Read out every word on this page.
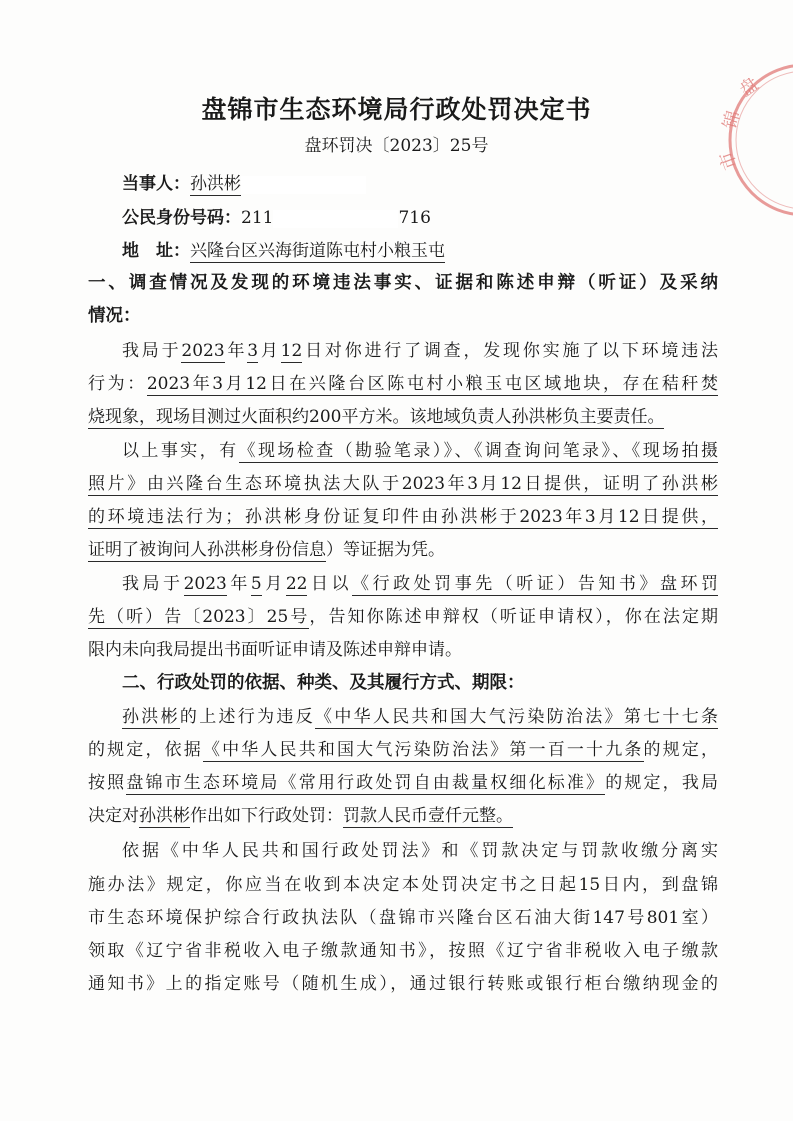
盘
锦
市
盘锦市生态环境局行政处罚决定书
盘环罚决〔2023〕25号
当事人：孙洪彬
公民身份号码：211	716
地　址：兴隆台区兴海街道陈屯村小粮玉屯
一、调查情况及发现的环境违法事实、证据和陈述申辩（听证）及采纳
情况：
我局于2023年3月12日对你进行了调查，发现你实施了以下环境违法
行为：2023年3月12日在兴隆台区陈屯村小粮玉屯区域地块，存在秸秆焚
烧现象，现场目测过火面积约200平方米。该地域负责人孙洪彬负主要责任。
以上事实，有《现场检查（勘验笔录）》、《调查询问笔录》、《现场拍摄
照片》由兴隆台生态环境执法大队于2023年3月12日提供，证明了孙洪彬
的环境违法行为；孙洪彬身份证复印件由孙洪彬于2023年3月12日提供，
证明了被询问人孙洪彬身份信息）等证据为凭。
我局于2023年5月22日以《行政处罚事先（听证）告知书》盘环罚
先（听）告〔2023〕25号，告知你陈述申辩权（听证申请权），你在法定期
限内未向我局提出书面听证申请及陈述申辩申请。
二、行政处罚的依据、种类、及其履行方式、期限：
孙洪彬的上述行为违反《中华人民共和国大气污染防治法》第七十七条
的规定，依据《中华人民共和国大气污染防治法》第一百一十九条的规定，
按照盘锦市生态环境局《常用行政处罚自由裁量权细化标准》的规定，我局
决定对孙洪彬作出如下行政处罚：罚款人民币壹仟元整。
依据《中华人民共和国行政处罚法》和《罚款决定与罚款收缴分离实
施办法》规定，你应当在收到本决定本处罚决定书之日起15日内，到盘锦
市生态环境保护综合行政执法队（盘锦市兴隆台区石油大街147号801室）
领取《辽宁省非税收入电子缴款通知书》，按照《辽宁省非税收入电子缴款
通知书》上的指定账号（随机生成），通过银行转账或银行柜台缴纳现金的
